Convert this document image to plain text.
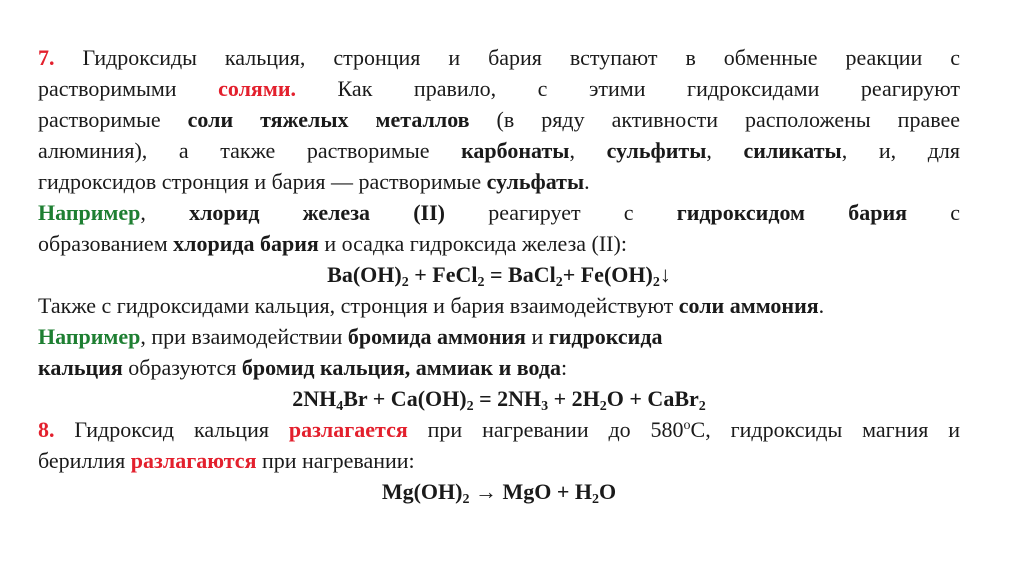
7. Гидроксиды кальция, стронция и бария вступают в обменные реакции с
растворимыми солями. Как правило, с этими гидроксидами реагируют
растворимые соли тяжелых металлов (в ряду активности расположены правее
алюминия), а также растворимые карбонаты, сульфиты, силикаты, и, для
гидроксидов стронция и бария — растворимые сульфаты.
Например, хлорид железа (II) реагирует с гидроксидом бария с
образованием хлорида бария и осадка гидроксида железа (II):
$Ba(OH)_2$ + FeCl$_2$ = BaCl$_2$+ $Fe(OH)_2↓$
Также с гидроксидами кальция, стронция и бария взаимодействуют соли аммония.
Например, при взаимодействии бромида аммония и гидроксида
кальция образуются бромид кальция, аммиак и вода:
$2NH_4Br + Ca(OH)_2 = 2NH_3 + 2H_2O$ + CaBr$_2$
8. Гидроксид кальция разлагается при нагревании до 580$^o$C, гидроксиды магния и
бериллия разлагаются при нагревании:
$Mg(OH)_2$ → MgO + $H_2O$
